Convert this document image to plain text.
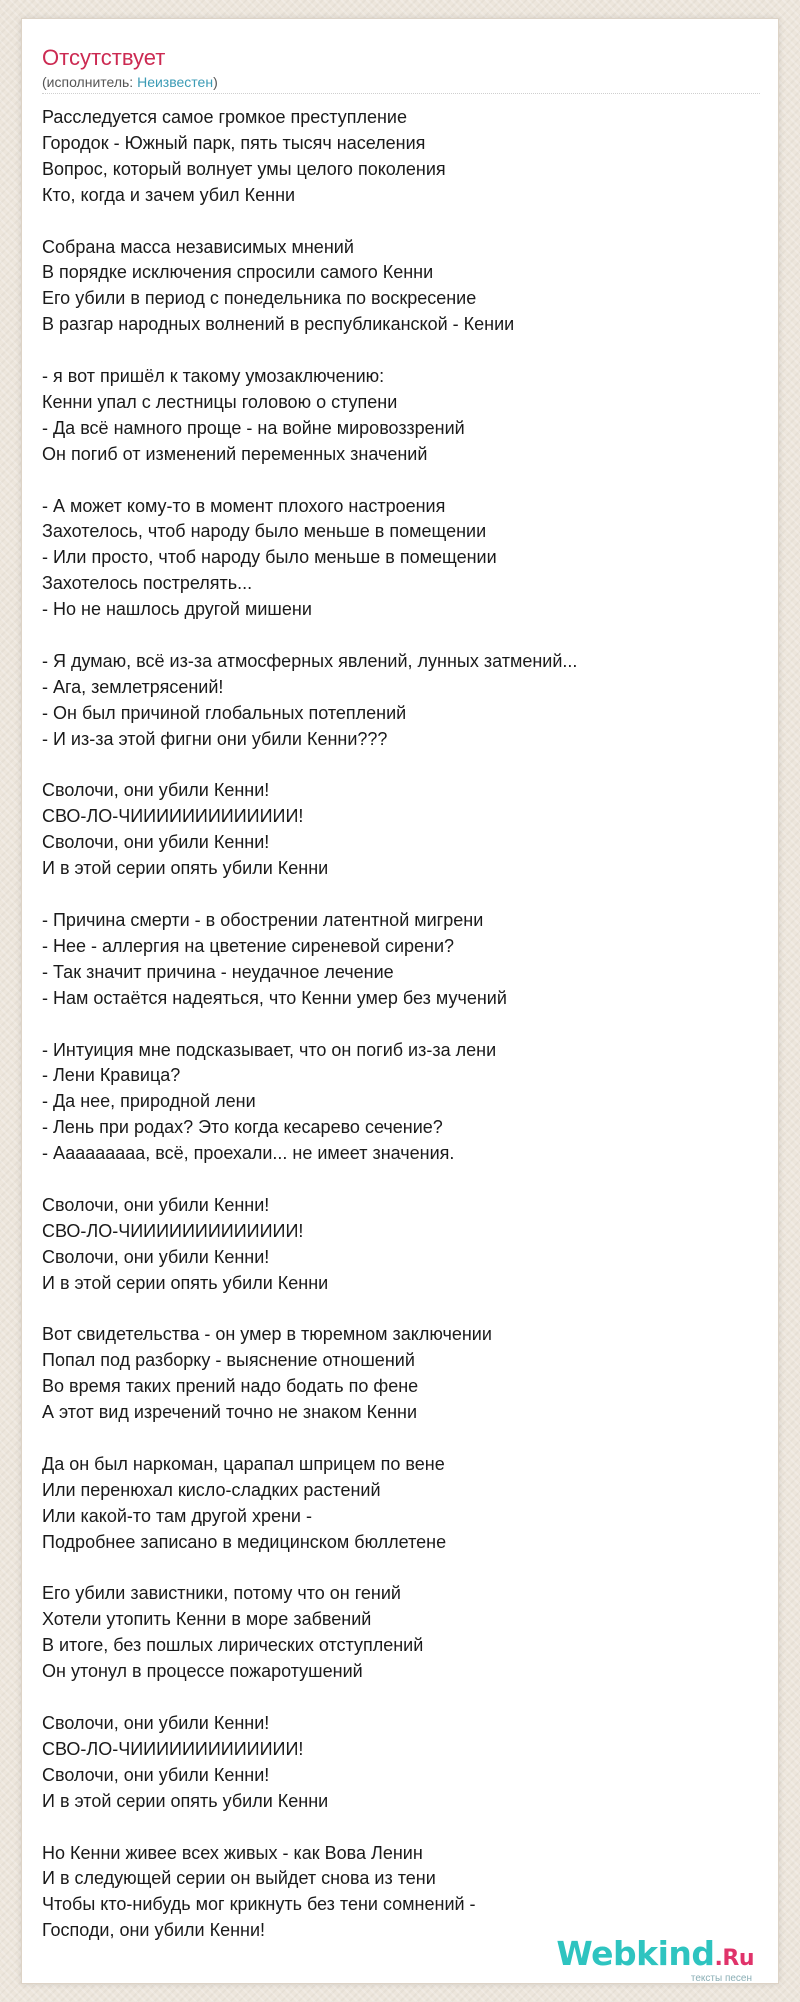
Отсутствует
(исполнитель: Неизвестен)
Расследуется самое громкое преступление
Городок - Южный парк, пять тысяч населения
Вопрос, который волнует умы целого поколения
Кто, когда и зачем убил Кенни
Собрана масса независимых мнений
В порядке исключения спросили самого Кенни
Его убили в период с понедельника по воскресение
В разгар народных волнений в республиканской - Кении
- я вот пришёл к такому умозаключению:
Кенни упал с лестницы головою о ступени
- Да всё намного проще - на войне мировоззрений
Он погиб от изменений переменных значений
- А может кому-то в момент плохого настроения
Захотелось, чтоб народу было меньше в помещении
- Или просто, чтоб народу было меньше в помещении
Захотелось пострелять...
- Но не нашлось другой мишени
- Я думаю, всё из-за атмосферных явлений, лунных затмений...
- Ага, землетрясений!
- Он был причиной глобальных потеплений
- И из-за этой фигни они убили Кенни???
Сволочи, они убили Кенни!
СВО-ЛО-ЧИИИИИИИИИИИИИ!
Сволочи, они убили Кенни!
И в этой серии опять убили Кенни
- Причина смерти - в обострении латентной мигрени
- Нее - аллергия на цветение сиреневой сирени?
- Так значит причина - неудачное лечение
- Нам остаётся надеяться, что Кенни умер без мучений
- Интуиция мне подсказывает, что он погиб из-за лени
- Лени Кравица?
- Да нее, природной лени
- Лень при родах? Это когда кесарево сечение?
- Ааааааааа, всё, проехали... не имеет значения.
Сволочи, они убили Кенни!
СВО-ЛО-ЧИИИИИИИИИИИИИ!
Сволочи, они убили Кенни!
И в этой серии опять убили Кенни
Вот свидетельства - он умер в тюремном заключении
Попал под разборку - выяснение отношений
Во время таких прений надо бодать по фене
А этот вид изречений точно не знаком Кенни
Да он был наркоман, царапал шприцем по вене
Или перенюхал кисло-сладких растений
Или какой-то там другой хрени -
Подробнее записано в медицинском бюллетене
Его убили завистники, потому что он гений
Хотели утопить Кенни в море забвений
В итоге, без пошлых лирических отступлений
Он утонул в процессе пожаротушений
Сволочи, они убили Кенни!
СВО-ЛО-ЧИИИИИИИИИИИИИ!
Сволочи, они убили Кенни!
И в этой серии опять убили Кенни
Но Кенни живее всех живых - как Вова Ленин
И в следующей серии он выйдет снова из тени
Чтобы кто-нибудь мог крикнуть без тени сомнений -
Господи, они убили Кенни!
Webkind.Ru
тексты песен
